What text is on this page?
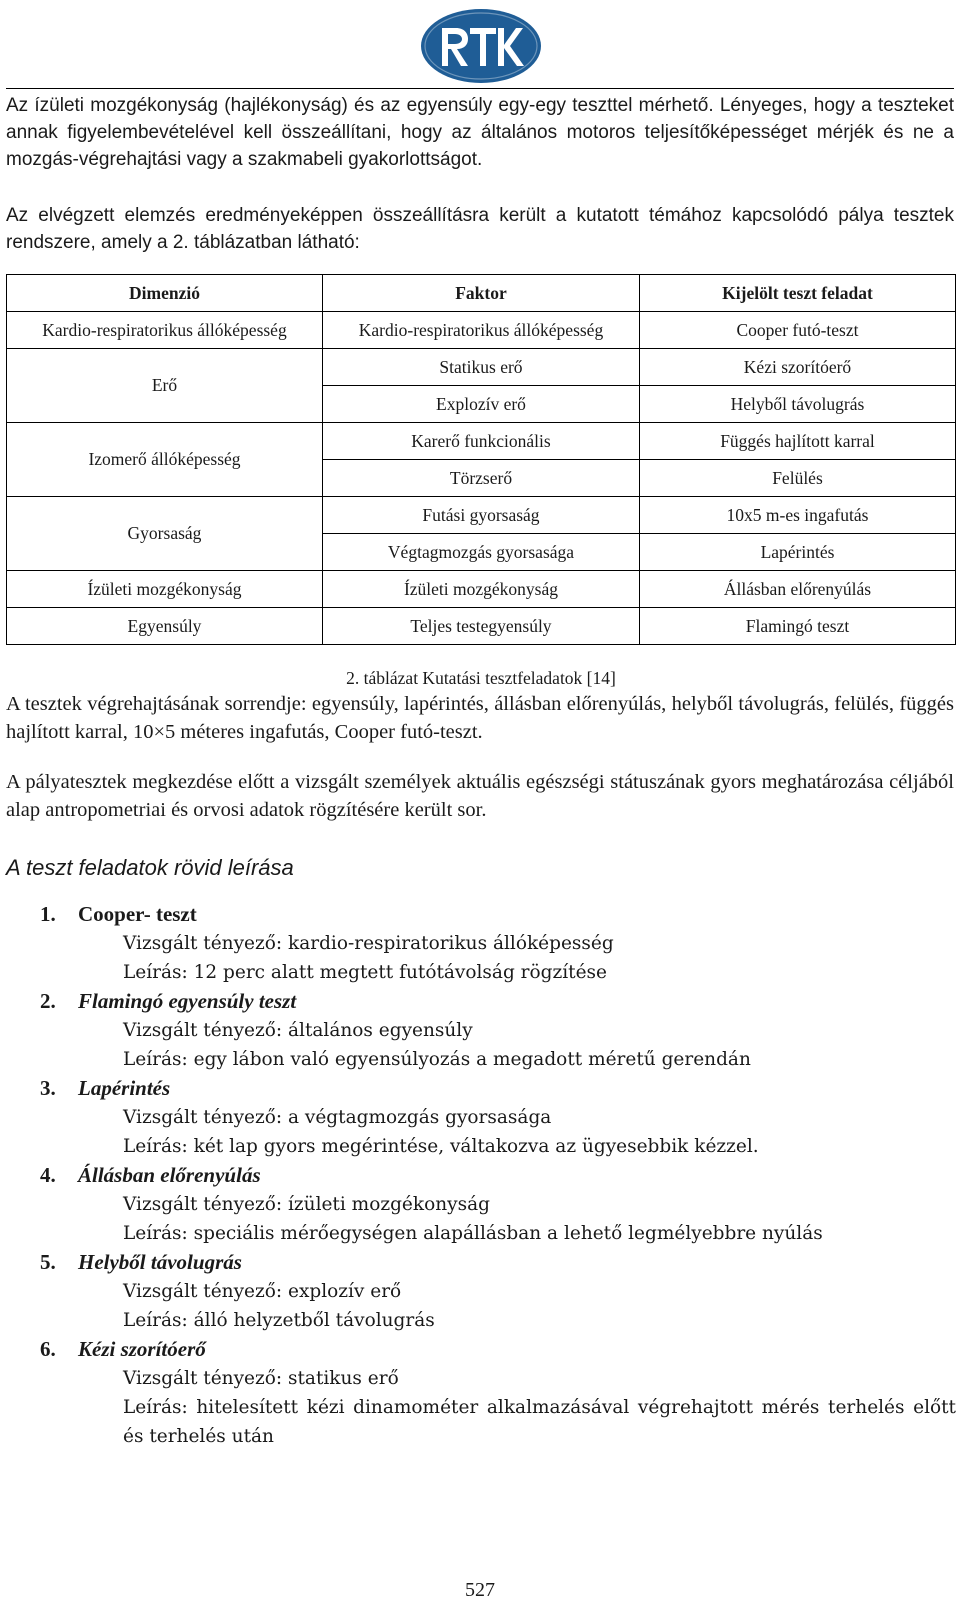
Az ízületi mozgékonyság (hajlékonyság) és az egyensúly egy-egy teszttel mérhető. Lényeges, hogy a teszteket annak figyelembevételével kell összeállítani, hogy az általános motoros teljesítőképességet mérjék és ne a mozgás-végrehajtási vagy a szakmabeli gyakorlottságot.

Az elvégzett elemzés eredményeképpen összeállításra került a kutatott témához kapcsolódó pálya tesztek rendszere, amely a 2. táblázatban látható:

Dimenzió	Faktor	Kijelölt teszt feladat
Kardio-respiratorikus állóképesség	Kardio-respiratorikus állóképesség	Cooper futó-teszt
Erő	Statikus erő	Kézi szorítóerő
	Explozív erő	Helyből távolugrás
Izomerő állóképesség	Karerő funkcionális	Függés hajlított karral
	Törzserő	Felülés
Gyorsaság	Futási gyorsaság	10x5 m-es ingafutás
	Végtagmozgás gyorsasága	Lapérintés
Ízületi mozgékonyság	Ízületi mozgékonyság	Állásban előrenyúlás
Egyensúly	Teljes testegyensúly	Flamingó teszt
2. táblázat Kutatási tesztfeladatok [14]

A tesztek végrehajtásának sorrendje: egyensúly, lapérintés, állásban előrenyúlás, helyből távolugrás, felülés, függés hajlított karral, 10×5 méteres ingafutás, Cooper futó-teszt.

A pályatesztek megkezdése előtt a vizsgált személyek aktuális egészségi státuszának gyors meghatározása céljából alap antropometriai és orvosi adatok rögzítésére került sor.

A teszt feladatok rövid leírása
1. Cooper- teszt
Vizsgált tényező: kardio-respiratorikus állóképesség
Leírás: 12 perc alatt megtett futótávolság rögzítése
2. Flamingó egyensúly teszt
Vizsgált tényező: általános egyensúly
Leírás: egy lábon való egyensúlyozás a megadott méretű gerendán
3. Lapérintés
Vizsgált tényező: a végtagmozgás gyorsasága
Leírás: két lap gyors megérintése, váltakozva az ügyesebbik kézzel.
4. Állásban előrenyúlás
Vizsgált tényező: ízületi mozgékonyság
Leírás: speciális mérőegységen alapállásban a lehető legmélyebbre nyúlás
5. Helyből távolugrás
Vizsgált tényező: explozív erő
Leírás: álló helyzetből távolugrás
6. Kézi szorítóerő
Vizsgált tényező: statikus erő
Leírás: hitelesített kézi dinamométer alkalmazásával végrehajtott mérés terhelés előtt és terhelés után
527
